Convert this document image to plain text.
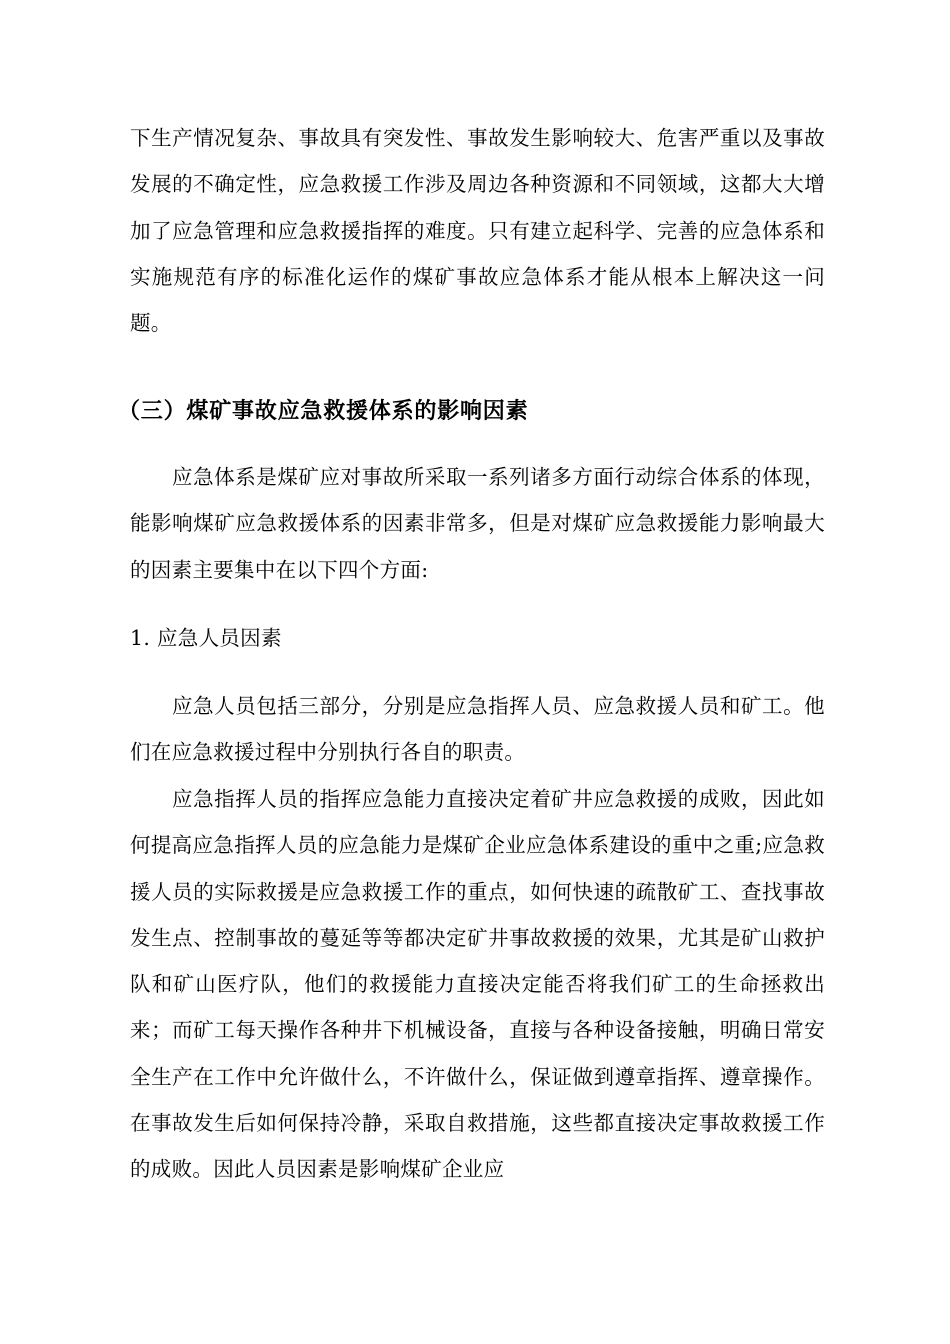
下生产情况复杂、事故具有突发性、事故发生影响较大、危害严重以及事故发展的不确定性，应急救援工作涉及周边各种资源和不同领域，这都大大增加了应急管理和应急救援指挥的难度。只有建立起科学、完善的应急体系和实施规范有序的标准化运作的煤矿事故应急体系才能从根本上解决这一问题。

（三）煤矿事故应急救援体系的影响因素

应急体系是煤矿应对事故所采取一系列诸多方面行动综合体系的体现，能影响煤矿应急救援体系的因素非常多，但是对煤矿应急救援能力影响最大的因素主要集中在以下四个方面:

1. 应急人员因素

应急人员包括三部分，分别是应急指挥人员、应急救援人员和矿工。他们在应急救援过程中分别执行各自的职责。

应急指挥人员的指挥应急能力直接决定着矿井应急救援的成败，因此如何提高应急指挥人员的应急能力是煤矿企业应急体系建设的重中之重;应急救援人员的实际救援是应急救援工作的重点，如何快速的疏散矿工、查找事故发生点、控制事故的蔓延等等都决定矿井事故救援的效果，尤其是矿山救护队和矿山医疗队，他们的救援能力直接决定能否将我们矿工的生命拯救出来；而矿工每天操作各种井下机械设备，直接与各种设备接触，明确日常安全生产在工作中允许做什么，不许做什么，保证做到遵章指挥、遵章操作。在事故发生后如何保持冷静，采取自救措施，这些都直接决定事故救援工作的成败。因此人员因素是影响煤矿企业应
